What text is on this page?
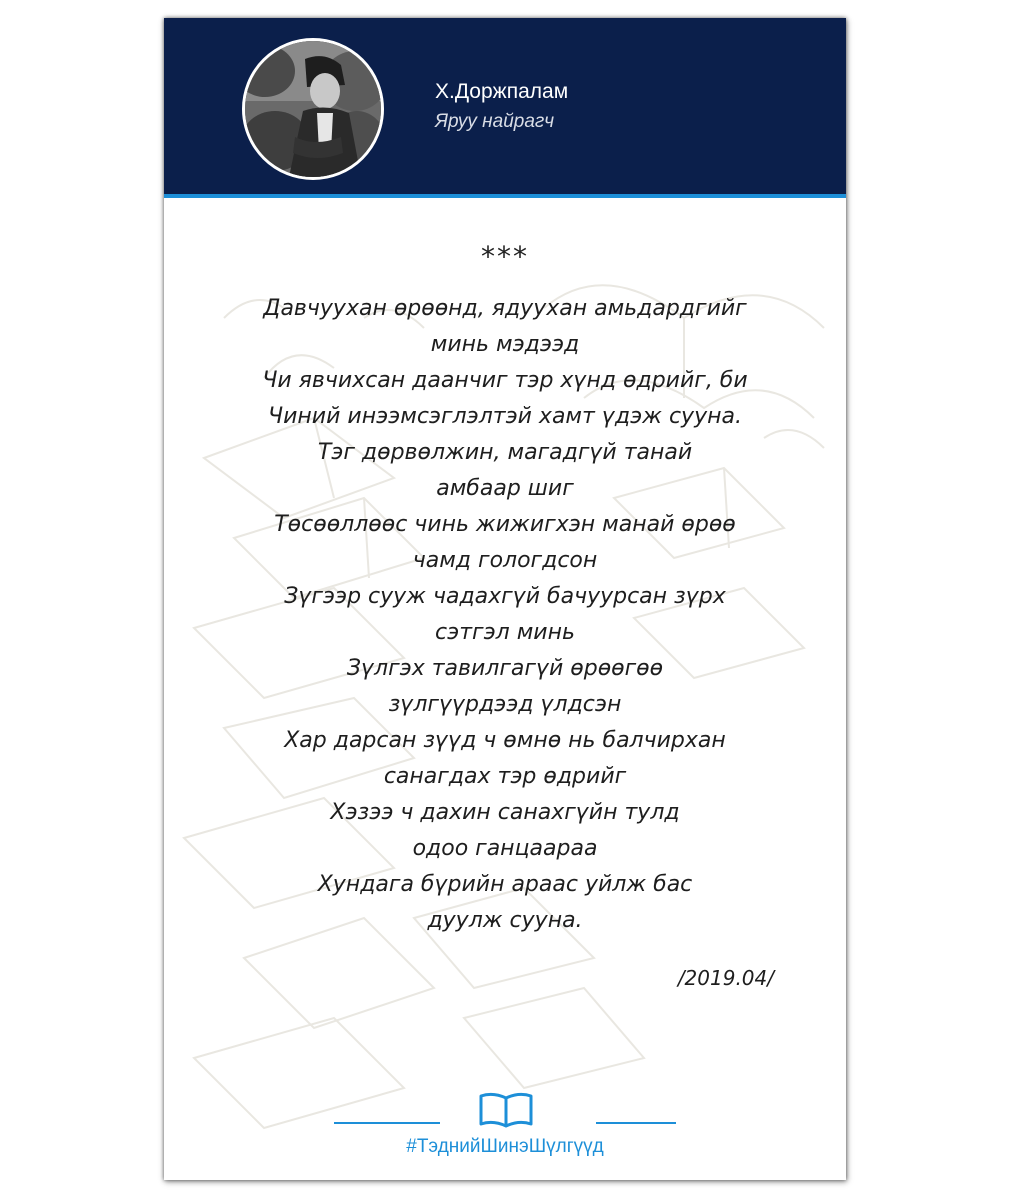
Х.Доржпалам
Яруу найрагч
***
Давчуухан өрөөнд, ядуухан амьдардгийг
минь мэдээд
Чи явчихсан даанчиг тэр хүнд өдрийг, би
Чиний инээмсэглэлтэй хамт үдэж сууна.
Тэг дөрвөлжин, магадгүй танай
амбаар шиг
Төсөөллөөс чинь жижигхэн манай өрөө
чамд гологдсон
Зүгээр сууж чадахгүй бачуурсан зүрх
сэтгэл минь
Зүлгэх тавилгагүй өрөөгөө
зүлгүүрдээд үлдсэн
Хар дарсан зүүд ч өмнө нь балчирхан
санагдах тэр өдрийг
Хэзээ ч дахин санахгүйн тулд
одоо ганцаараа
Хундага бүрийн араас уйлж бас
дуулж сууна.
/2019.04/
#ТэднийШинэШүлгүүд
